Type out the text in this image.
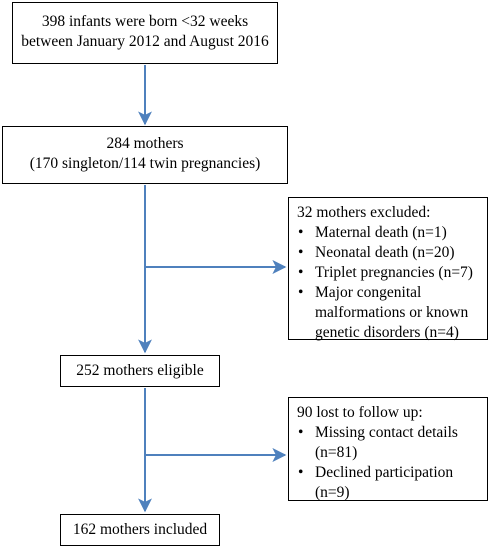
398 infants were born <32 weeks
between January 2012 and August 2016
284 mothers
(170 singleton/114 twin pregnancies)
32 mothers excluded:
• Maternal death (n=1)
• Neonatal death (n=20)
• Triplet pregnancies (n=7)
• Major congenital malformations or known genetic disorders (n=4)
252 mothers eligible
90 lost to follow up:
• Missing contact details (n=81)
• Declined participation (n=9)
162 mothers included
